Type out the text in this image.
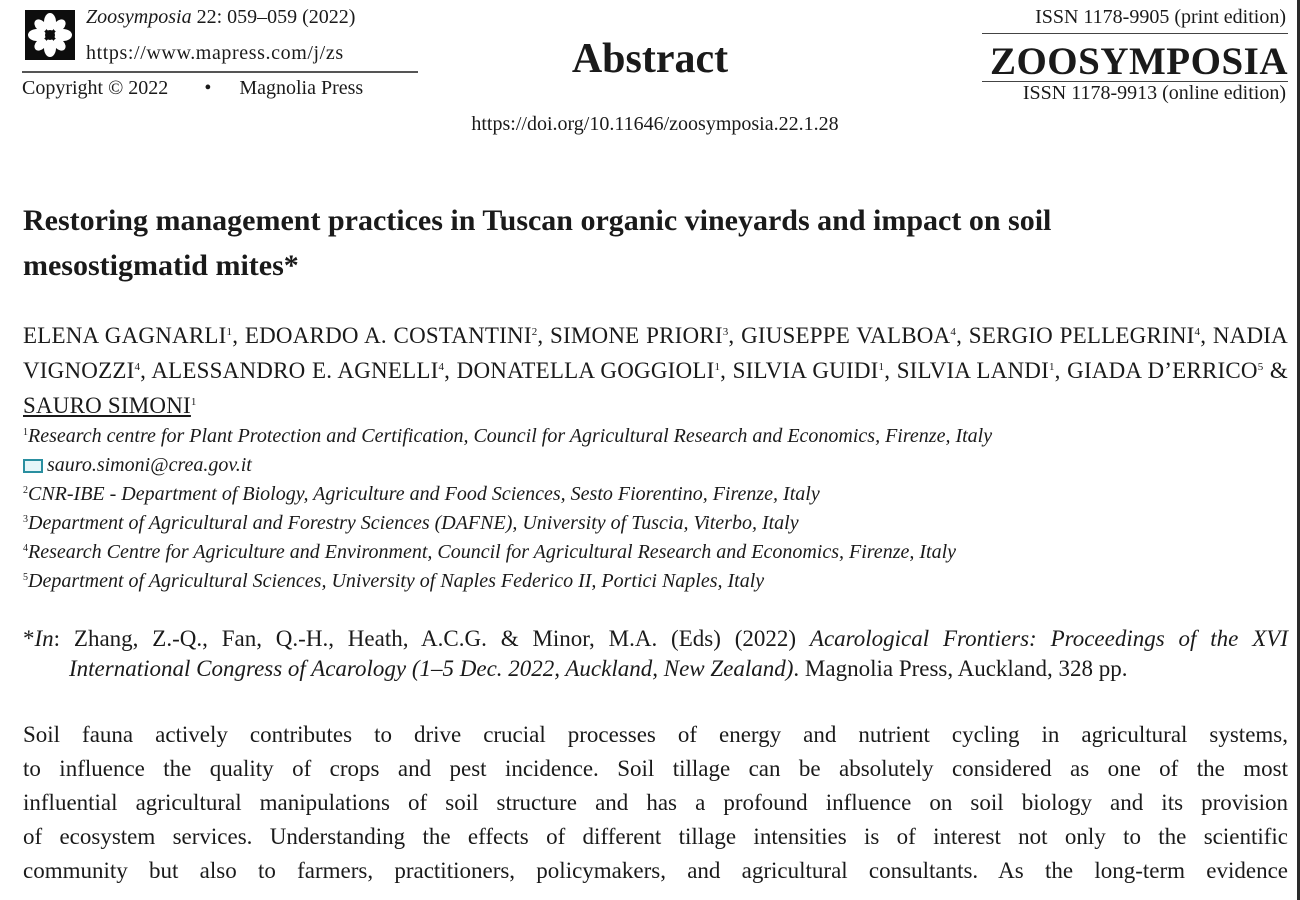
Zoosymposia 22: 059–059 (2022)
https://www.mapress.com/j/zs
Copyright © 2022 • Magnolia Press
Abstract
https://doi.org/10.11646/zoosymposia.22.1.28
ISSN 1178-9905 (print edition)
ZOOSYMPOSIA
ISSN 1178-9913 (online edition)
Restoring management practices in Tuscan organic vineyards and impact on soil
mesostigmatid mites*
ELENA GAGNARLI$^1$, EDOARDO A. COSTANTINI$^2$, SIMONE PRIORI$^3$, GIUSEPPE VALBOA$^4$, SERGIO PELLEGRINI$^4$, NADIA VIGNOZZI$^4$, ALESSANDRO E. AGNELLI$^4$, DONATELLA GOGGIOLI$^1$, SILVIA GUIDI$^1$, SILVIA LANDI$^1$, GIADA D’ERRICO$^5$ & SAURO SIMONI$^1$
$^1$Research centre for Plant Protection and Certification, Council for Agricultural Research and Economics, Firenze, Italy
sauro.simoni@crea.gov.it
$^2$CNR-IBE - Department of Biology, Agriculture and Food Sciences, Sesto Fiorentino, Firenze, Italy
$^3$Department of Agricultural and Forestry Sciences (DAFNE), University of Tuscia, Viterbo, Italy
$^4$Research Centre for Agriculture and Environment, Council for Agricultural Research and Economics, Firenze, Italy
$^5$Department of Agricultural Sciences, University of Naples Federico II, Portici Naples, Italy
*In: Zhang, Z.-Q., Fan, Q.-H., Heath, A.C.G. & Minor, M.A. (Eds) (2022) Acarological Frontiers: Proceedings of the XVI
International Congress of Acarology (1–5 Dec. 2022, Auckland, New Zealand). Magnolia Press, Auckland, 328 pp.
Soil fauna actively contributes to drive crucial processes of energy and nutrient cycling in agricultural systems,
to influence the quality of crops and pest incidence. Soil tillage can be absolutely considered as one of the most
influential agricultural manipulations of soil structure and has a profound influence on soil biology and its provision
of ecosystem services. Understanding the effects of different tillage intensities is of interest not only to the scientific
community but also to farmers, practitioners, policymakers, and agricultural consultants. As the long-term evidence
